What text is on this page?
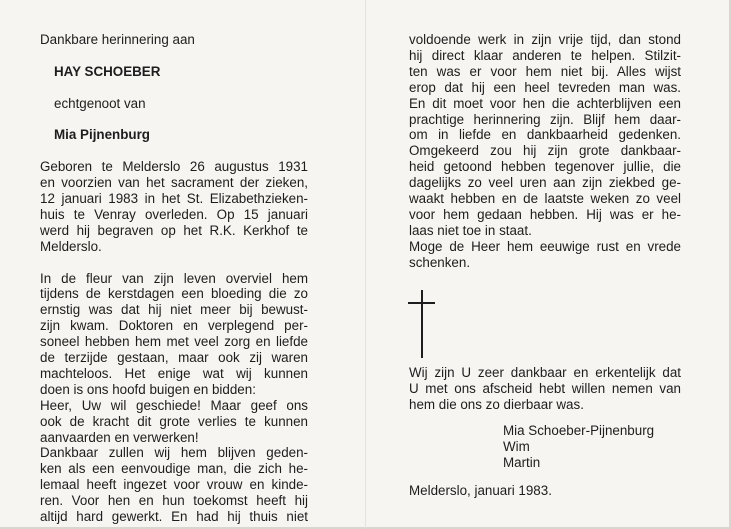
Dankbare herinnering aan
HAY SCHOEBER
echtgenoot van
Mia Pijnenburg
Geboren te Melderslo 26 augustus 1931
en voorzien van het sacrament der zieken,
12 januari 1983 in het St. Elizabethzieken-
huis te Venray overleden. Op 15 januari
werd hij begraven op het R.K. Kerkhof te
Melderslo.
In de fleur van zijn leven overviel hem
tijdens de kerstdagen een bloeding die zo
ernstig was dat hij niet meer bij bewust-
zijn kwam. Doktoren en verplegend per-
soneel hebben hem met veel zorg en liefde
de terzijde gestaan, maar ook zij waren
machteloos. Het enige wat wij kunnen
doen is ons hoofd buigen en bidden:
Heer, Uw wil geschiede! Maar geef ons
ook de kracht dit grote verlies te kunnen
aanvaarden en verwerken!
Dankbaar zullen wij hem blijven geden-
ken als een eenvoudige man, die zich he-
lemaal heeft ingezet voor vrouw en kinde-
ren. Voor hen en hun toekomst heeft hij
altijd hard gewerkt. En had hij thuis niet
voldoende werk in zijn vrije tijd, dan stond
hij direct klaar anderen te helpen. Stilzit-
ten was er voor hem niet bij. Alles wijst
erop dat hij een heel tevreden man was.
En dit moet voor hen die achterblijven een
prachtige herinnering zijn. Blijf hem daar-
om in liefde en dankbaarheid gedenken.
Omgekeerd zou hij zijn grote dankbaar-
heid getoond hebben tegenover jullie, die
dagelijks zo veel uren aan zijn ziekbed ge-
waakt hebben en de laatste weken zo veel
voor hem gedaan hebben. Hij was er he-
laas niet toe in staat.
Moge de Heer hem eeuwige rust en vrede
schenken.
Wij zijn U zeer dankbaar en erkentelijk dat
U met ons afscheid hebt willen nemen van
hem die ons zo dierbaar was.
Mia Schoeber-Pijnenburg
Wim
Martin
Melderslo, januari 1983.
